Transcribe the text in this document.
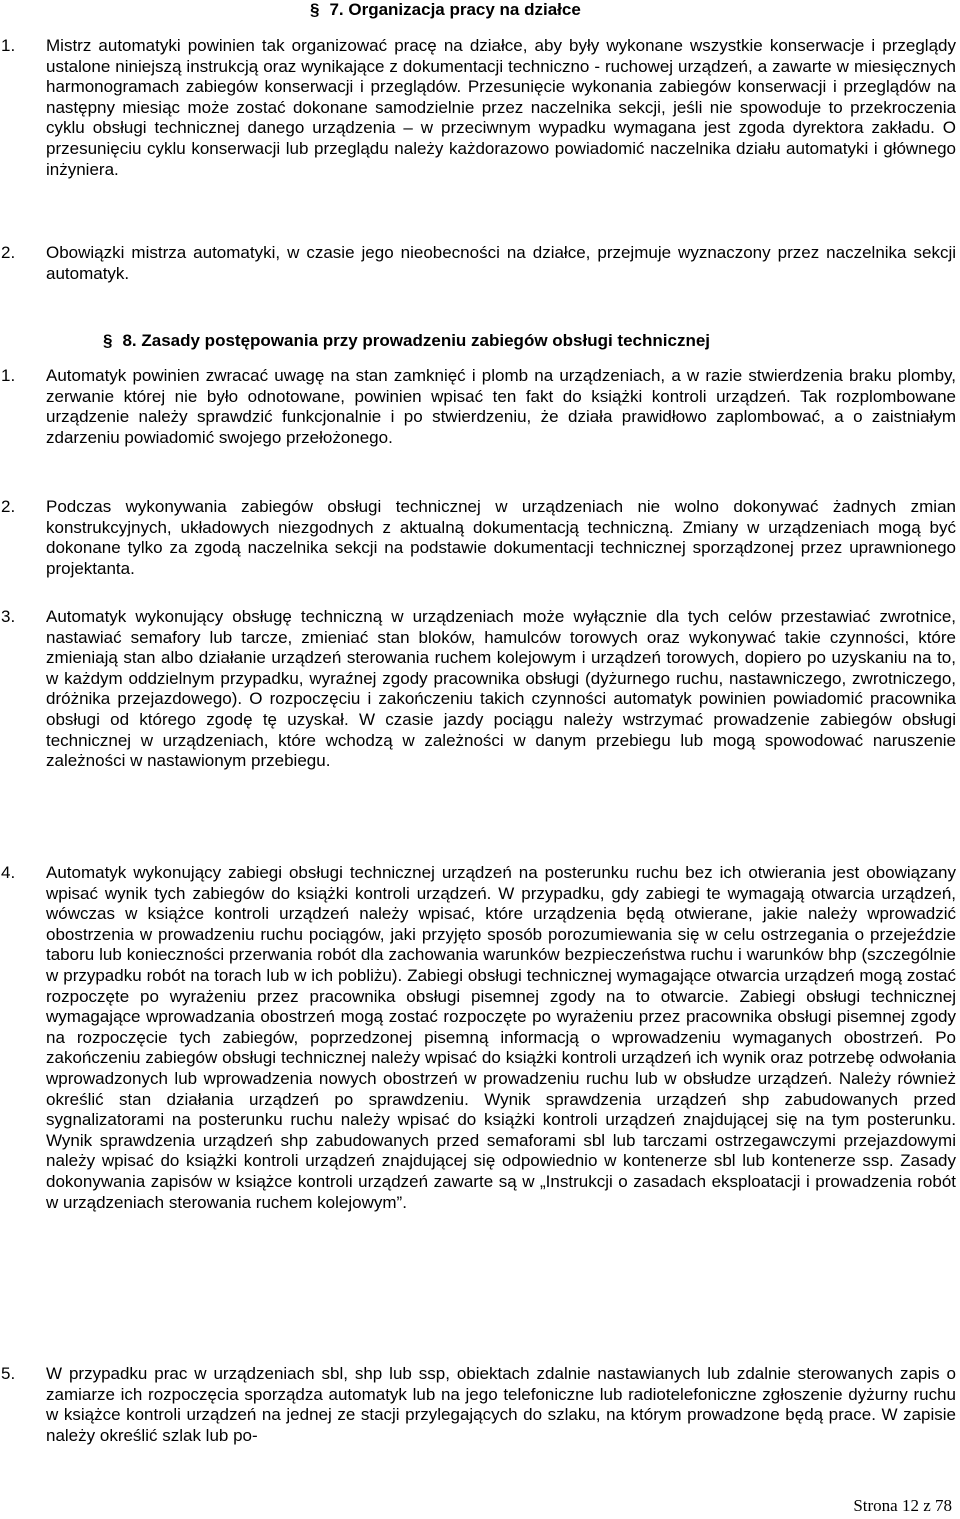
§ 7. Organizacja pracy na działce
1. Mistrz automatyki powinien tak organizować pracę na działce, aby były wykonane wszystkie konserwacje i przeglądy ustalone niniejszą instrukcją oraz wynikające z dokumentacji techniczno - ruchowej urządzeń, a zawarte w miesięcznych harmonogramach zabiegów konserwacji i przeglądów. Przesunięcie wykonania zabiegów konserwacji i przeglądów na następny miesiąc może zostać dokonane samodzielnie przez naczelnika sekcji, jeśli nie spowoduje to przekroczenia cyklu obsługi technicznej danego urządzenia – w przeciwnym wypadku wymagana jest zgoda dyrektora zakładu. O przesunięciu cyklu konserwacji lub przeglądu należy każdorazowo powiadomić naczelnika działu automatyki i głównego inżyniera.
2. Obowiązki mistrza automatyki, w czasie jego nieobecności na działce, przejmuje wyznaczony przez naczelnika sekcji automatyk.
§ 8. Zasady postępowania przy prowadzeniu zabiegów obsługi technicznej
1. Automatyk powinien zwracać uwagę na stan zamknięć i plomb na urządzeniach, a w razie stwierdzenia braku plomby, zerwanie której nie było odnotowane, powinien wpisać ten fakt do książki kontroli urządzeń. Tak rozplombowane urządzenie należy sprawdzić funkcjonalnie i po stwierdzeniu, że działa prawidłowo zaplombować, a o zaistniałym zdarzeniu powiadomić swojego przełożonego.
2. Podczas wykonywania zabiegów obsługi technicznej w urządzeniach nie wolno dokonywać żadnych zmian konstrukcyjnych, układowych niezgodnych z aktualną dokumentacją techniczną. Zmiany w urządzeniach mogą być dokonane tylko za zgodą naczelnika sekcji na podstawie dokumentacji technicznej sporządzonej przez uprawnionego projektanta.
3. Automatyk wykonujący obsługę techniczną w urządzeniach może wyłącznie dla tych celów przestawiać zwrotnice, nastawiać semafory lub tarcze, zmieniać stan bloków, hamulców torowych oraz wykonywać takie czynności, które zmieniają stan albo działanie urządzeń sterowania ruchem kolejowym i urządzeń torowych, dopiero po uzyskaniu na to, w każdym oddzielnym przypadku, wyraźnej zgody pracownika obsługi (dyżurnego ruchu, nastawniczego, zwrotniczego, dróżnika przejazdowego). O rozpoczęciu i zakończeniu takich czynności automatyk powinien powiadomić pracownika obsługi od którego zgodę tę uzyskał. W czasie jazdy pociągu należy wstrzymać prowadzenie zabiegów obsługi technicznej w urządzeniach, które wchodzą w zależności w danym przebiegu lub mogą spowodować naruszenie zależności w nastawionym przebiegu.
4. Automatyk wykonujący zabiegi obsługi technicznej urządzeń na posterunku ruchu bez ich otwierania jest obowiązany wpisać wynik tych zabiegów do książki kontroli urządzeń. W przypadku, gdy zabiegi te wymagają otwarcia urządzeń, wówczas w książce kontroli urządzeń należy wpisać, które urządzenia będą otwierane, jakie należy wprowadzić obostrzenia w prowadzeniu ruchu pociągów, jaki przyjęto sposób porozumiewania się w celu ostrzegania o przejeździe taboru lub konieczności przerwania robót dla zachowania warunków bezpieczeństwa ruchu i warunków bhp (szczególnie w przypadku robót na torach lub w ich pobliżu). Zabiegi obsługi technicznej wymagające otwarcia urządzeń mogą zostać rozpoczęte po wyrażeniu przez pracownika obsługi pisemnej zgody na to otwarcie. Zabiegi obsługi technicznej wymagające wprowadzania obostrzeń mogą zostać rozpoczęte po wyrażeniu przez pracownika obsługi pisemnej zgody na rozpoczęcie tych zabiegów, poprzedzonej pisemną informacją o wprowadzeniu wymaganych obostrzeń. Po zakończeniu zabiegów obsługi technicznej należy wpisać do książki kontroli urządzeń ich wynik oraz potrzebę odwołania wprowadzonych lub wprowadzenia nowych obostrzeń w prowadzeniu ruchu lub w obsłudze urządzeń. Należy również określić stan działania urządzeń po sprawdzeniu. Wynik sprawdzenia urządzeń shp zabudowanych przed sygnalizatorami na posterunku ruchu należy wpisać do książki kontroli urządzeń znajdującej się na tym posterunku. Wynik sprawdzenia urządzeń shp zabudowanych przed semaforami sbl lub tarczami ostrzegawczymi przejazdowymi należy wpisać do książki kontroli urządzeń znajdującej się odpowiednio w kontenerze sbl lub kontenerze ssp. Zasady dokonywania zapisów w książce kontroli urządzeń zawarte są w „Instrukcji o zasadach eksploatacji i prowadzenia robót w urządzeniach sterowania ruchem kolejowym”.
5. W przypadku prac w urządzeniach sbl, shp lub ssp, obiektach zdalnie nastawianych lub zdalnie sterowanych zapis o zamiarze ich rozpoczęcia sporządza automatyk lub na jego telefoniczne lub radiotelefoniczne zgłoszenie dyżurny ruchu w książce kontroli urządzeń na jednej ze stacji przylegających do szlaku, na którym prowadzone będą prace. W zapisie należy określić szlak lub po-
Strona 12 z 78
